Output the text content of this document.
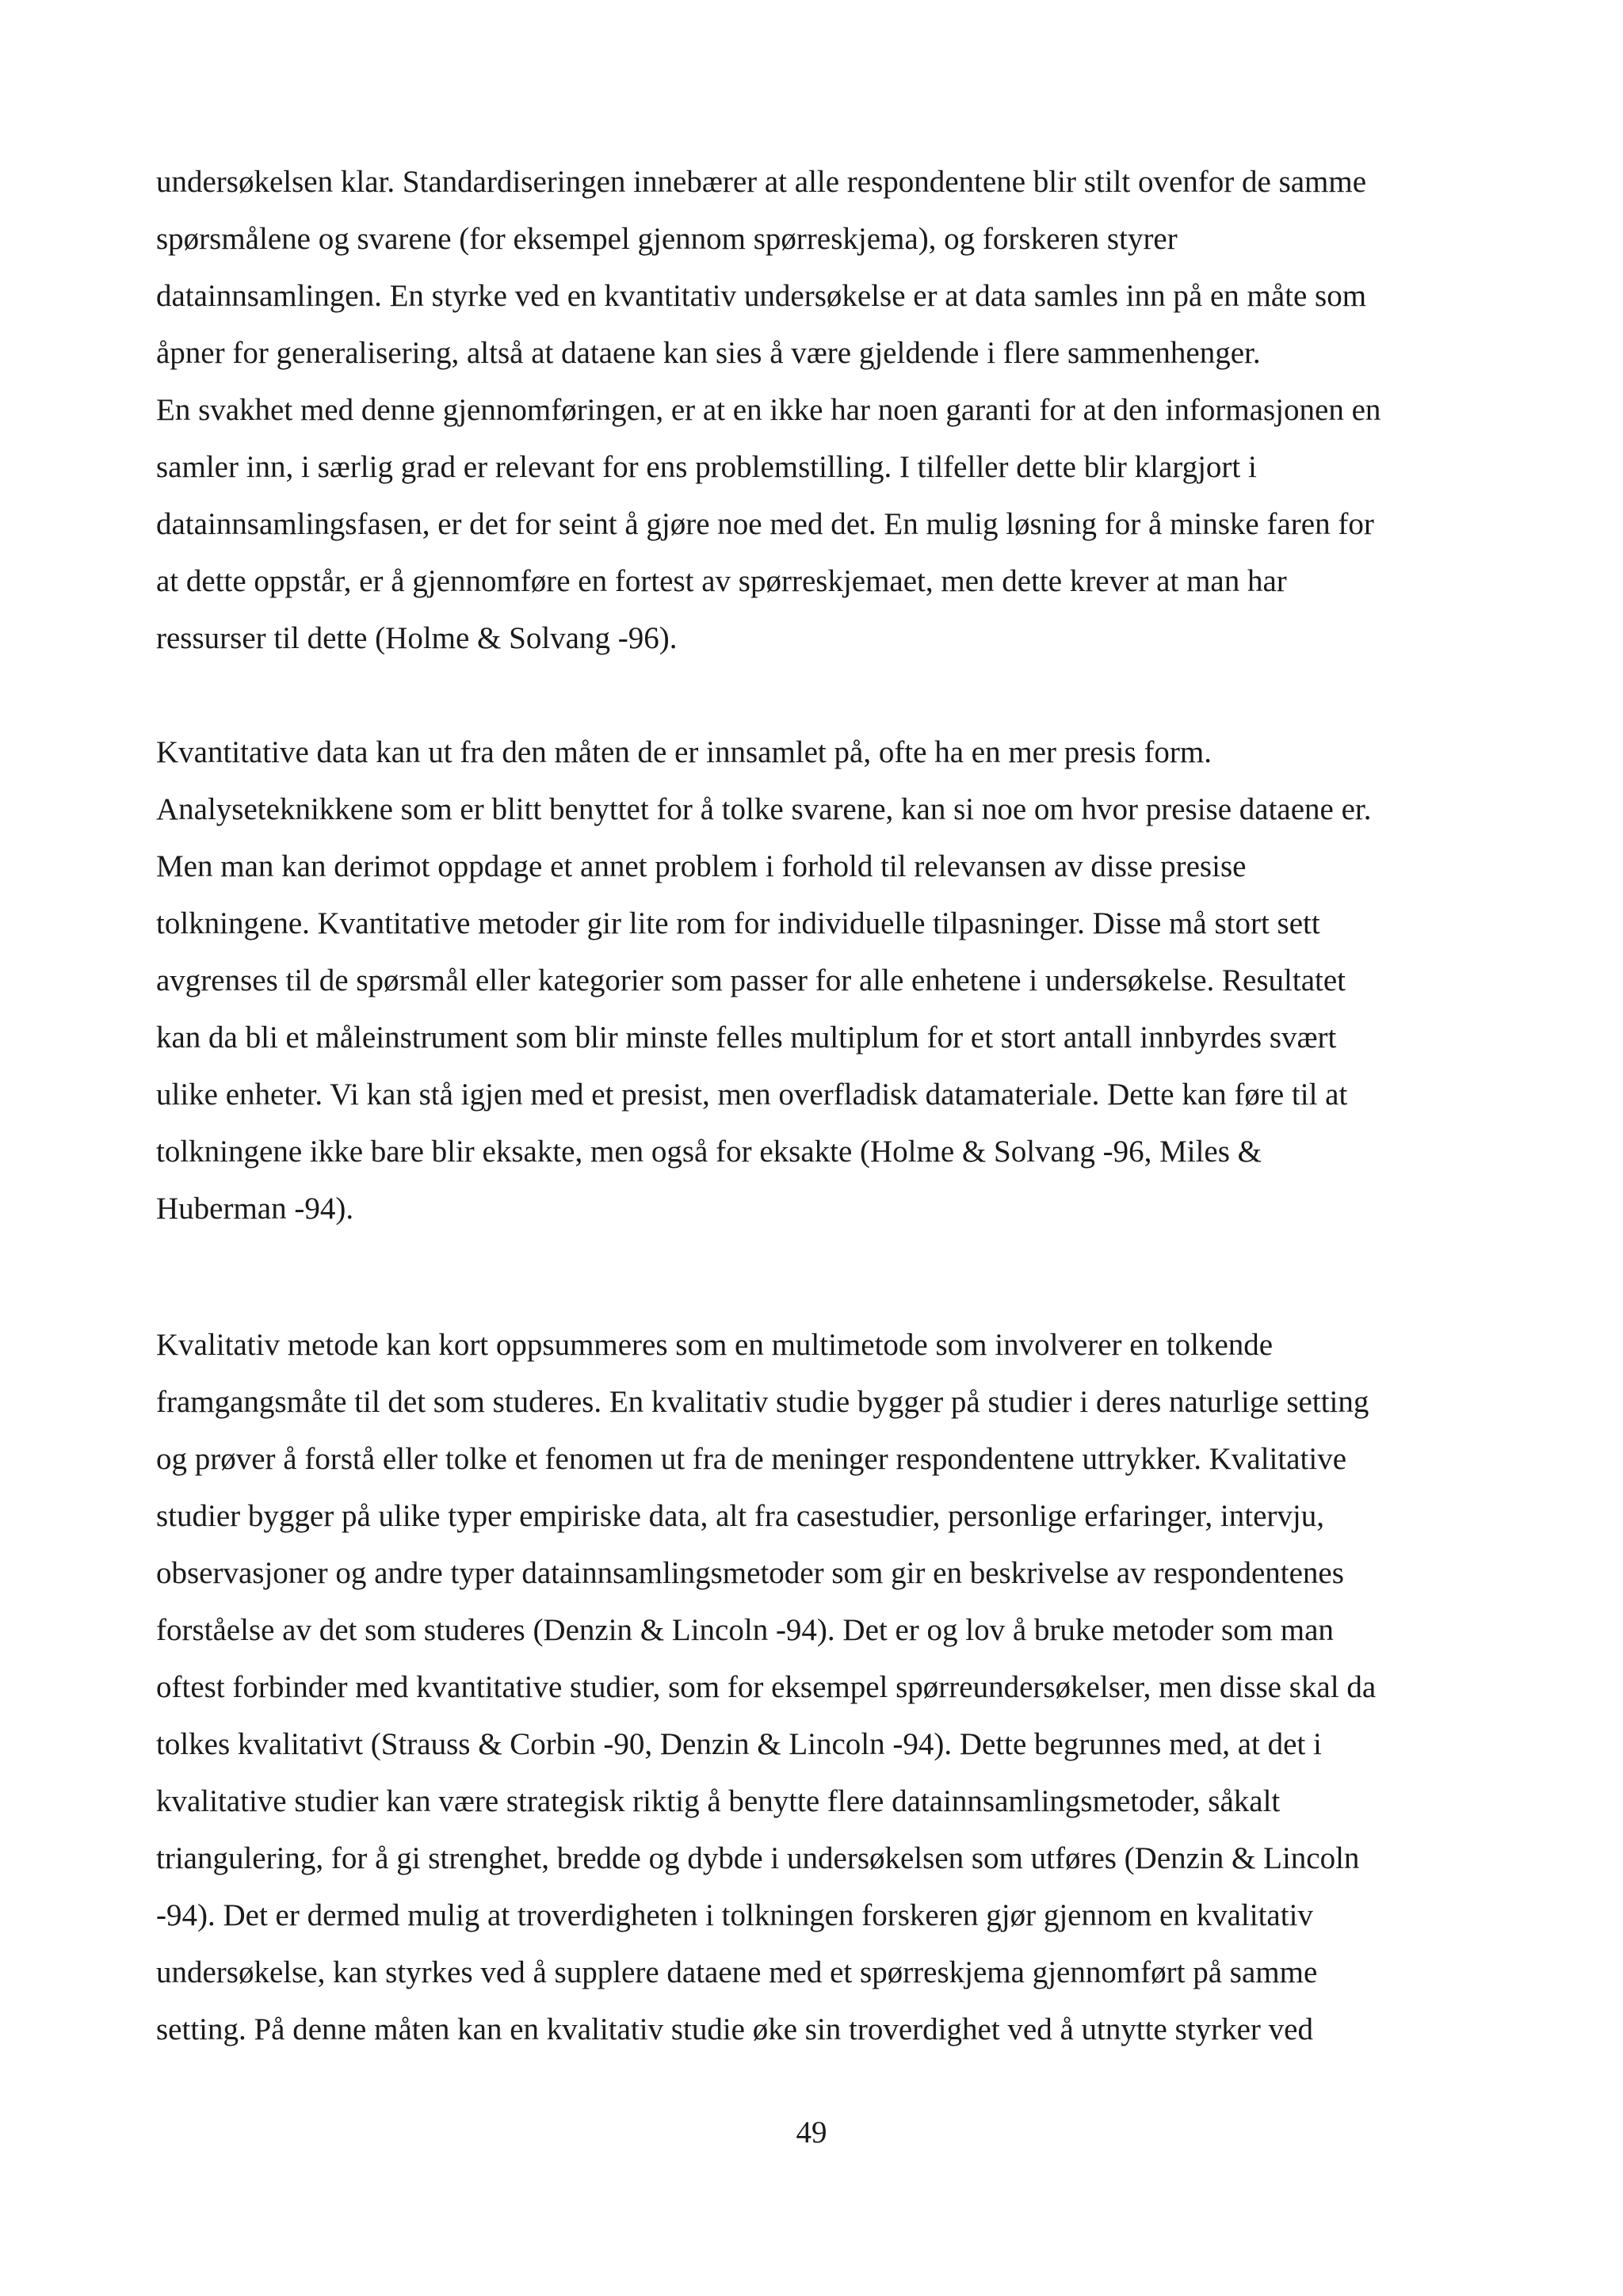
undersøkelsen klar. Standardiseringen innebærer at alle respondentene blir stilt ovenfor de samme
spørsmålene og svarene (for eksempel gjennom spørreskjema), og forskeren styrer
datainnsamlingen. En styrke ved en kvantitativ undersøkelse er at data samles inn på en måte som
åpner for generalisering, altså at dataene kan sies å være gjeldende i flere sammenhenger.
En svakhet med denne gjennomføringen, er at en ikke har noen garanti for at den informasjonen en
samler inn, i særlig grad er relevant for ens problemstilling. I tilfeller dette blir klargjort i
datainnsamlingsfasen, er det for seint å gjøre noe med det. En mulig løsning for å minske faren for
at dette oppstår, er å gjennomføre en fortest av spørreskjemaet, men dette krever at man har
ressurser til dette (Holme & Solvang -96).
Kvantitative data kan ut fra den måten de er innsamlet på, ofte ha en mer presis form.
Analyseteknikkene som er blitt benyttet for å tolke svarene, kan si noe om hvor presise dataene er.
Men man kan derimot oppdage et annet problem i forhold til relevansen av disse presise
tolkningene. Kvantitative metoder gir lite rom for individuelle tilpasninger. Disse må stort sett
avgrenses til de spørsmål eller kategorier som passer for alle enhetene i undersøkelse. Resultatet
kan da bli et måleinstrument som blir minste felles multiplum for et stort antall innbyrdes svært
ulike enheter. Vi kan stå igjen med et presist, men overfladisk datamateriale. Dette kan føre til at
tolkningene ikke bare blir eksakte, men også for eksakte (Holme & Solvang -96, Miles &
Huberman -94).
Kvalitativ metode kan kort oppsummeres som en multimetode som involverer en tolkende
framgangsmåte til det som studeres. En kvalitativ studie bygger på studier i deres naturlige setting
og prøver å forstå eller tolke et fenomen ut fra de meninger respondentene uttrykker. Kvalitative
studier bygger på ulike typer empiriske data, alt fra casestudier, personlige erfaringer, intervju,
observasjoner og andre typer datainnsamlingsmetoder som gir en beskrivelse av respondentenes
forståelse av det som studeres (Denzin & Lincoln -94). Det er og lov å bruke metoder som man
oftest forbinder med kvantitative studier, som for eksempel spørreundersøkelser, men disse skal da
tolkes kvalitativt (Strauss & Corbin -90, Denzin & Lincoln -94). Dette begrunnes med, at det i
kvalitative studier kan være strategisk riktig å benytte flere datainnsamlingsmetoder, såkalt
triangulering, for å gi strenghet, bredde og dybde i undersøkelsen som utføres (Denzin & Lincoln
-94). Det er dermed mulig at troverdigheten i tolkningen forskeren gjør gjennom en kvalitativ
undersøkelse, kan styrkes ved å supplere dataene med et spørreskjema gjennomført på samme
setting. På denne måten kan en kvalitativ studie øke sin troverdighet ved å utnytte styrker ved
49
